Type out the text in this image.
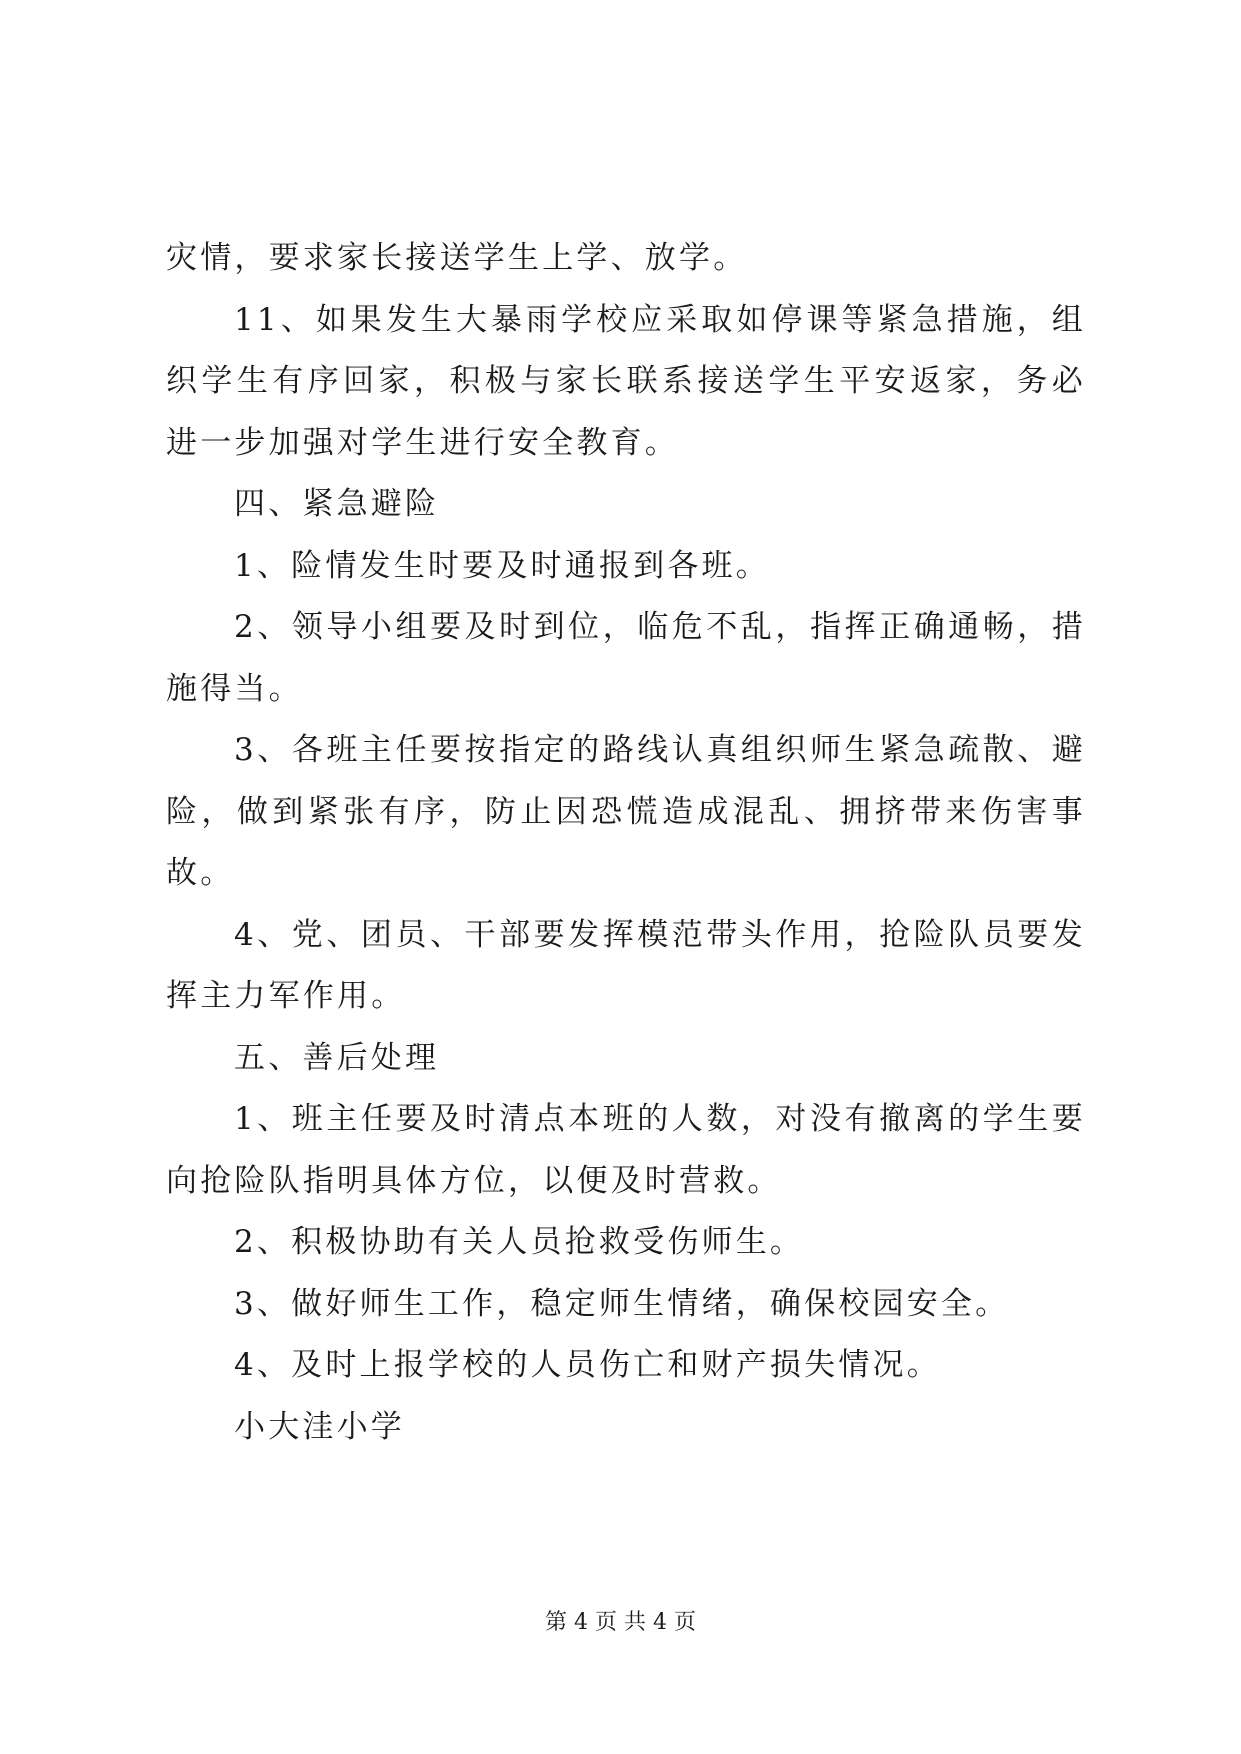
灾情，要求家长接送学生上学、放学。

11、如果发生大暴雨学校应采取如停课等紧急措施，组织学生有序回家，积极与家长联系接送学生平安返家，务必进一步加强对学生进行安全教育。

四、紧急避险

1、险情发生时要及时通报到各班。

2、领导小组要及时到位，临危不乱，指挥正确通畅，措施得当。

3、各班主任要按指定的路线认真组织师生紧急疏散、避险，做到紧张有序，防止因恐慌造成混乱、拥挤带来伤害事故。

4、党、团员、干部要发挥模范带头作用，抢险队员要发挥主力军作用。

五、善后处理

1、班主任要及时清点本班的人数，对没有撤离的学生要向抢险队指明具体方位，以便及时营救。

2、积极协助有关人员抢救受伤师生。

3、做好师生工作，稳定师生情绪，确保校园安全。

4、及时上报学校的人员伤亡和财产损失情况。

小大洼小学

第 4 页 共 4 页
